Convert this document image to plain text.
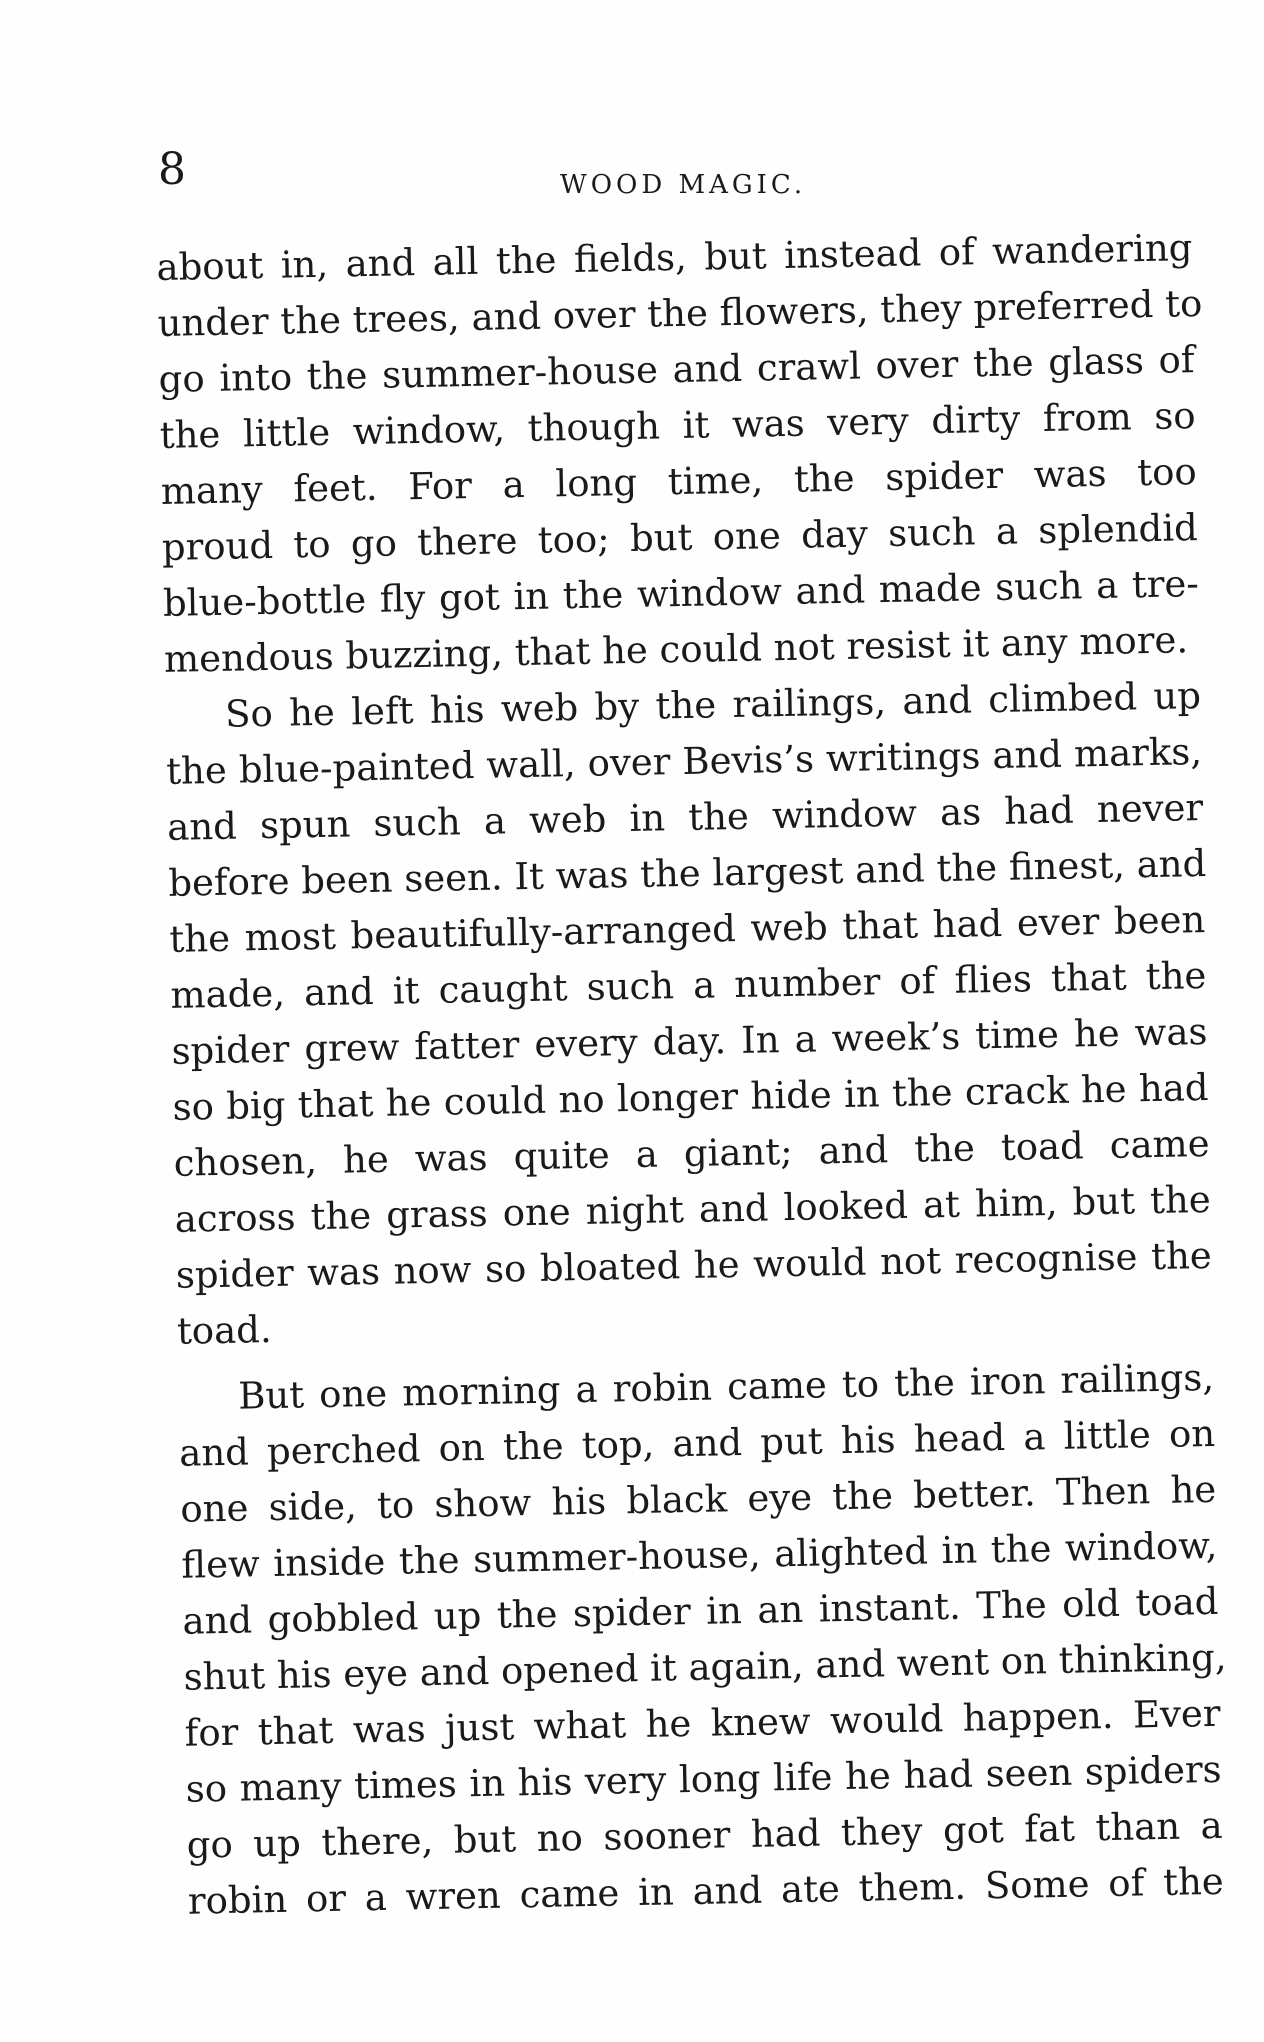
8	WOOD MAGIC.
about in, and all the fields, but instead of wandering
under the trees, and over the flowers, they preferred to
go into the summer-house and crawl over the glass of
the little window, though it was very dirty from so
many feet. For a long time, the spider was too
proud to go there too; but one day such a splendid
blue-bottle fly got in the window and made such a tre-
mendous buzzing, that he could not resist it any more.
So he left his web by the railings, and climbed up
the blue-painted wall, over Bevis’s writings and marks,
and spun such a web in the window as had never
before been seen. It was the largest and the finest, and
the most beautifully-arranged web that had ever been
made, and it caught such a number of flies that the
spider grew fatter every day. In a week’s time he was
so big that he could no longer hide in the crack he had
chosen, he was quite a giant; and the toad came
across the grass one night and looked at him, but the
spider was now so bloated he would not recognise the
toad.
But one morning a robin came to the iron railings,
and perched on the top, and put his head a little on
one side, to show his black eye the better. Then he
flew inside the summer-house, alighted in the window,
and gobbled up the spider in an instant. The old toad
shut his eye and opened it again, and went on thinking,
for that was just what he knew would happen. Ever
so many times in his very long life he had seen spiders
go up there, but no sooner had they got fat than a
robin or a wren came in and ate them. Some of the
